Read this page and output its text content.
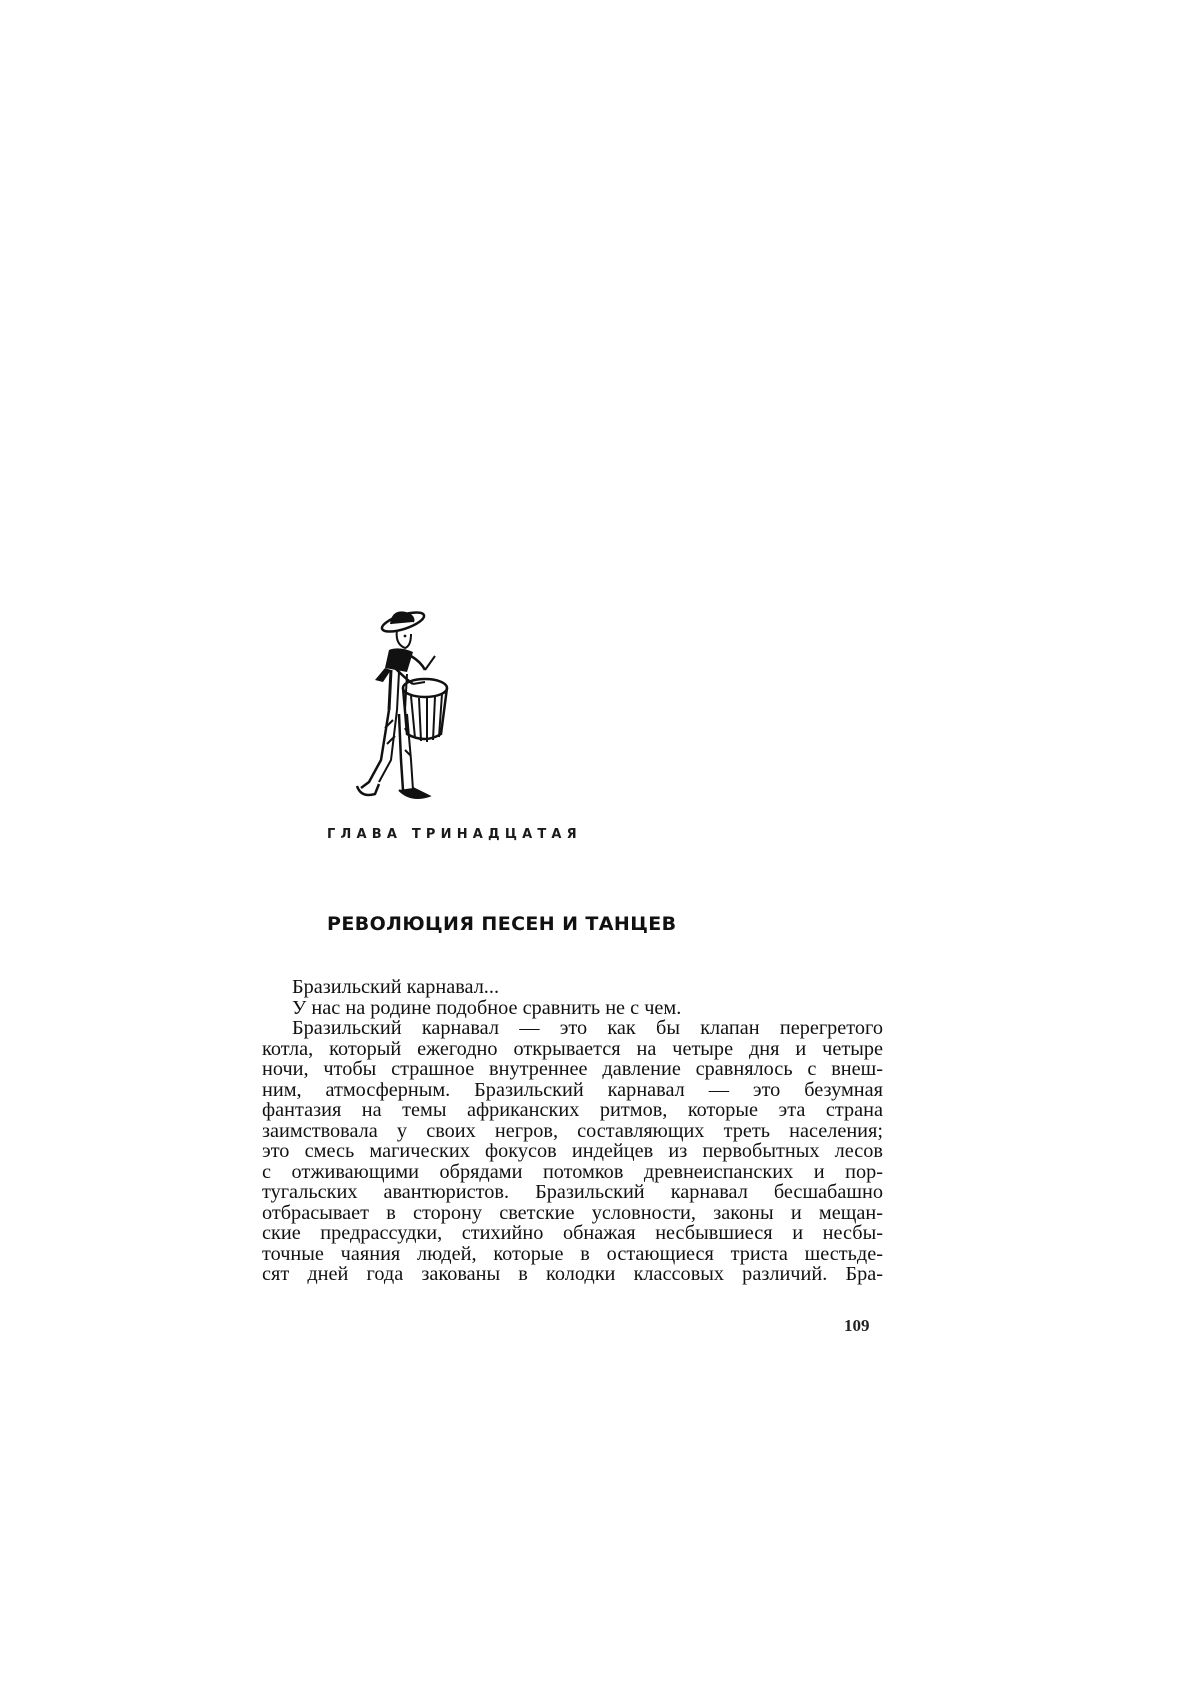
ГЛАВА ТРИНАДЦАТАЯ
РЕВОЛЮЦИЯ ПЕСЕН И ТАНЦЕВ
Бразильский карнавал...
У нас на родине подобное сравнить не с чем.
Бразильский карнавал — это как бы клапан перегретого
котла, который ежегодно открывается на четыре дня и четыре
ночи, чтобы страшное внутреннее давление сравнялось с внеш-
ним, атмосферным. Бразильский карнавал — это безумная
фантазия на темы африканских ритмов, которые эта страна
заимствовала у своих негров, составляющих треть населения;
это смесь магических фокусов индейцев из первобытных лесов
с отживающими обрядами потомков древнеиспанских и пор-
тугальских авантюристов. Бразильский карнавал бесшабашно
отбрасывает в сторону светские условности, законы и мещан-
ские предрассудки, стихийно обнажая несбывшиеся и несбы-
точные чаяния людей, которые в остающиеся триста шестьде-
сят дней года закованы в колодки классовых различий. Бра-
109
